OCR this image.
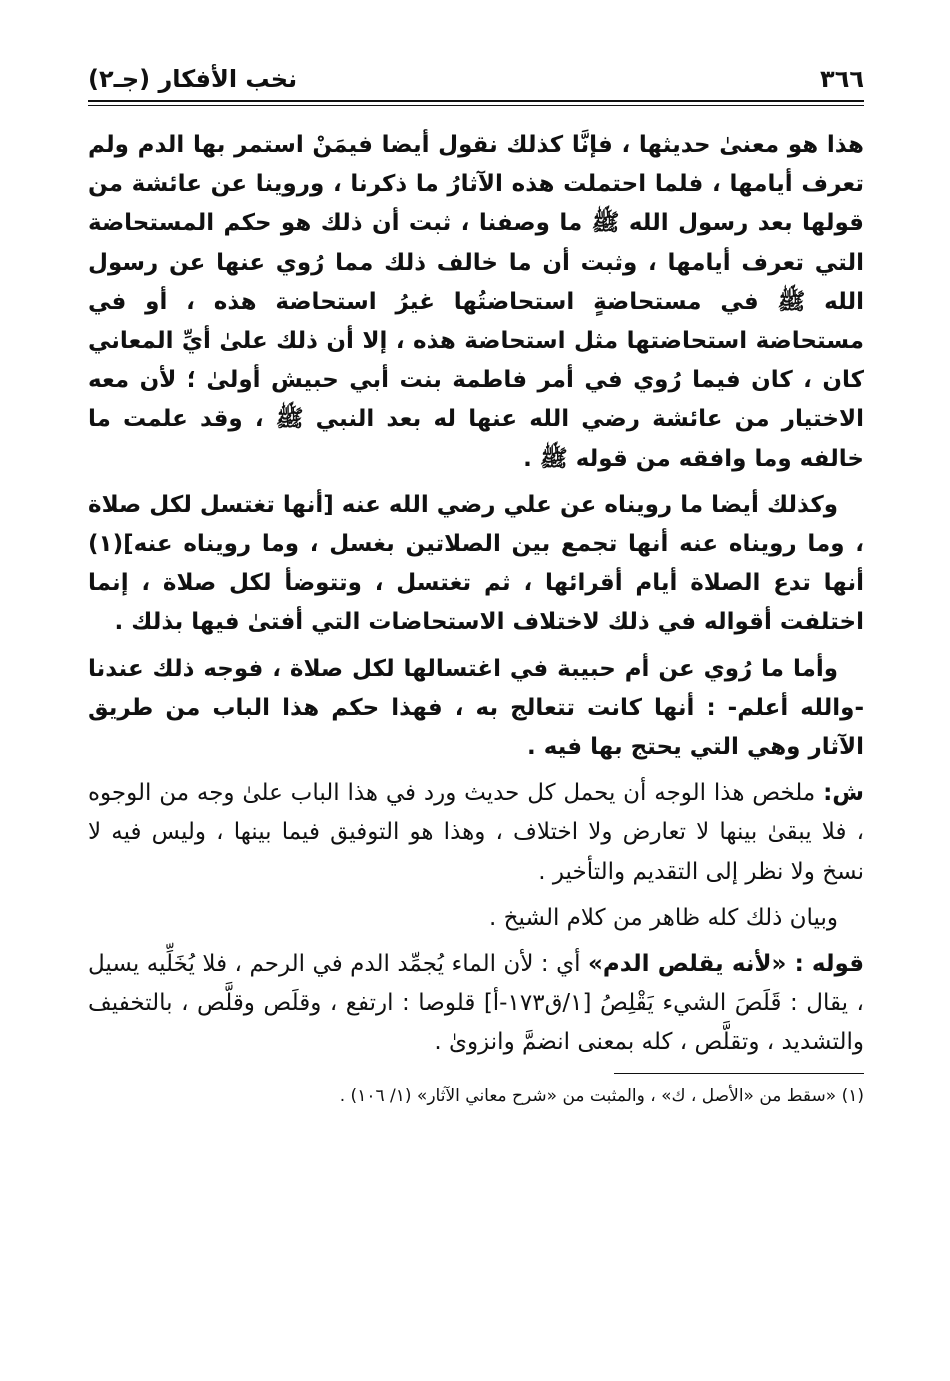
٣٦٦
نخب الأفكار (جـ٢)

هذا هو معنىٰ حديثها ، فإنَّا كذلك نقول أيضا فيمَنْ استمر بها الدم ولم تعرف أيامها ، فلما احتملت هذه الآثارُ ما ذكرنا ، وروينا عن عائشة من قولها بعد رسول الله ﷺ ما وصفنا ، ثبت أن ذلك هو حكم المستحاضة التي تعرف أيامها ، وثبت أن ما خالف ذلك مما رُوي عنها عن رسول الله ﷺ في مستحاضةٍ استحاضتُها غيرُ استحاضة هذه ، أو في مستحاضة استحاضتها مثل استحاضة هذه ، إلا أن ذلك علىٰ أيِّ المعاني كان ، كان فيما رُوي في أمر فاطمة بنت أبي حبيش أولىٰ ؛ لأن معه الاختيار من عائشة رضي الله عنها له بعد النبي ﷺ ، وقد علمت ما خالفه وما وافقه من قوله ﷺ .

وكذلك أيضا ما رويناه عن علي رضي الله عنه [أنها تغتسل لكل صلاة ، وما رويناه عنه أنها تجمع بين الصلاتين بغسل ، وما رويناه عنه](١) أنها تدع الصلاة أيام أقرائها ، ثم تغتسل ، وتتوضأ لكل صلاة ، إنما اختلفت أقواله في ذلك لاختلاف الاستحاضات التي أفتىٰ فيها بذلك .

وأما ما رُوي عن أم حبيبة في اغتسالها لكل صلاة ، فوجه ذلك عندنا -والله أعلم- : أنها كانت تتعالج به ، فهذا حكم هذا الباب من طريق الآثار وهي التي يحتج بها فيه .

ش: ملخص هذا الوجه أن يحمل كل حديث ورد في هذا الباب علىٰ وجه من الوجوه ، فلا يبقىٰ بينها لا تعارض ولا اختلاف ، وهذا هو التوفيق فيما بينها ، وليس فيه لا نسخ ولا نظر إلى التقديم والتأخير .

وبيان ذلك كله ظاهر من كلام الشيخ .

قوله : «لأنه يقلص الدم» أي : لأن الماء يُجمِّد الدم في الرحم ، فلا يُخَلِّيه يسيل ، يقال : قَلَصَ الشيء يَقْلِصُ [١/ق١٧٣-أ] قلوصا : ارتفع ، وقلَص وقلَّص ، بالتخفيف والتشديد ، وتقلَّص ، كله بمعنى انضمَّ وانزوىٰ .

(١) «سقط من «الأصل ، ك» ، والمثبت من «شرح معاني الآثار» (١/ ١٠٦) .
